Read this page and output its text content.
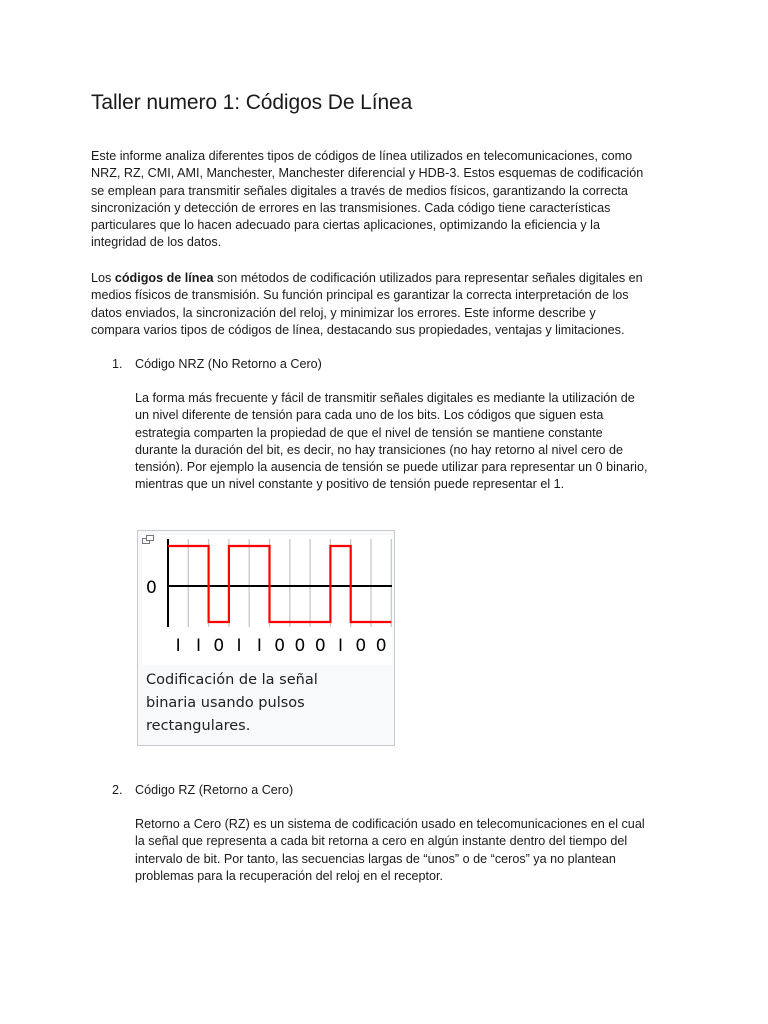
Taller numero 1: Códigos De Línea
Este informe analiza diferentes tipos de códigos de línea utilizados en telecomunicaciones, como
NRZ, RZ, CMI, AMI, Manchester, Manchester diferencial y HDB-3. Estos esquemas de codificación
se emplean para transmitir señales digitales a través de medios físicos, garantizando la correcta
sincronización y detección de errores en las transmisiones. Cada código tiene características
particulares que lo hacen adecuado para ciertas aplicaciones, optimizando la eficiencia y la
integridad de los datos.
Los códigos de línea son métodos de codificación utilizados para representar señales digitales en
medios físicos de transmisión. Su función principal es garantizar la correcta interpretación de los
datos enviados, la sincronización del reloj, y minimizar los errores. Este informe describe y
compara varios tipos de códigos de línea, destacando sus propiedades, ventajas y limitaciones.
1. Código NRZ (No Retorno a Cero)
La forma más frecuente y fácil de transmitir señales digitales es mediante la utilización de
un nivel diferente de tensión para cada uno de los bits. Los códigos que siguen esta
estrategia comparten la propiedad de que el nivel de tensión se mantiene constante
durante la duración del bit, es decir, no hay transiciones (no hay retorno al nivel cero de
tensión). Por ejemplo la ausencia de tensión se puede utilizar para representar un 0 binario,
mientras que un nivel constante y positivo de tensión puede representar el 1.
0
I I 0 I I 0 0 0 I 0 0
Codificación de la señal
binaria usando pulsos
rectangulares.
2. Código RZ (Retorno a Cero)
Retorno a Cero (RZ) es un sistema de codificación usado en telecomunicaciones en el cual
la señal que representa a cada bit retorna a cero en algún instante dentro del tiempo del
intervalo de bit. Por tanto, las secuencias largas de “unos” o de “ceros” ya no plantean
problemas para la recuperación del reloj en el receptor.
